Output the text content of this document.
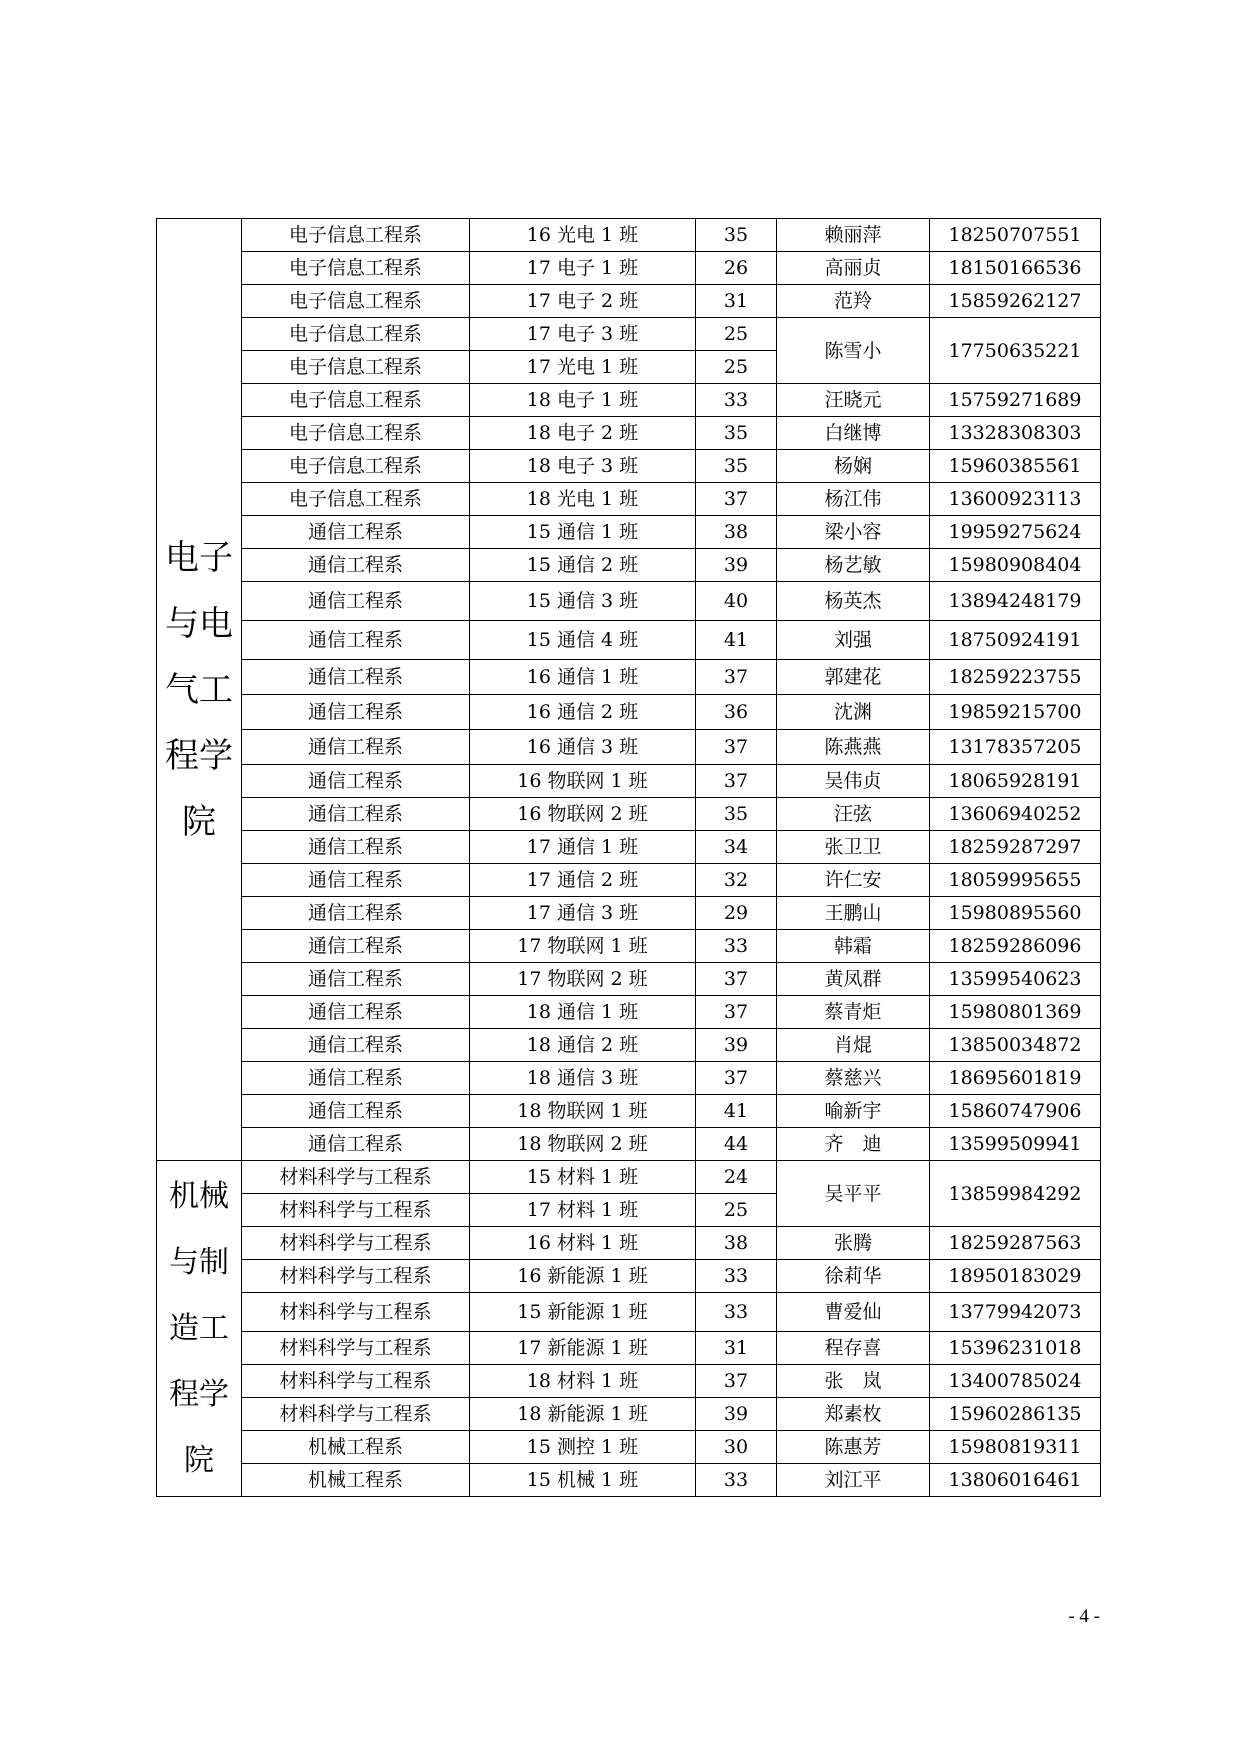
电子与电气工程学院	电子信息工程系	16 光电 1 班	35	赖丽萍	18250707551
	电子信息工程系	17 电子 1 班	26	高丽贞	18150166536
	电子信息工程系	17 电子 2 班	31	范羚	15859262127
	电子信息工程系	17 电子 3 班	25	陈雪小	17750635221
	电子信息工程系	17 光电 1 班	25		
	电子信息工程系	18 电子 1 班	33	汪晓元	15759271689
	电子信息工程系	18 电子 2 班	35	白继博	13328308303
	电子信息工程系	18 电子 3 班	35	杨娴	15960385561
	电子信息工程系	18 光电 1 班	37	杨江伟	13600923113
	通信工程系	15 通信 1 班	38	梁小容	19959275624
	通信工程系	15 通信 2 班	39	杨艺敏	15980908404
	通信工程系	15 通信 3 班	40	杨英杰	13894248179
	通信工程系	15 通信 4 班	41	刘强	18750924191
	通信工程系	16 通信 1 班	37	郭建花	18259223755
	通信工程系	16 通信 2 班	36	沈渊	19859215700
	通信工程系	16 通信 3 班	37	陈燕燕	13178357205
	通信工程系	16 物联网 1 班	37	吴伟贞	18065928191
	通信工程系	16 物联网 2 班	35	汪弦	13606940252
	通信工程系	17 通信 1 班	34	张卫卫	18259287297
	通信工程系	17 通信 2 班	32	许仁安	18059995655
	通信工程系	17 通信 3 班	29	王鹏山	15980895560
	通信工程系	17 物联网 1 班	33	韩霜	18259286096
	通信工程系	17 物联网 2 班	37	黄凤群	13599540623
	通信工程系	18 通信 1 班	37	蔡青炬	15980801369
	通信工程系	18 通信 2 班	39	肖焜	13850034872
	通信工程系	18 通信 3 班	37	蔡慈兴	18695601819
	通信工程系	18 物联网 1 班	41	喻新宇	15860747906
	通信工程系	18 物联网 2 班	44	齐　迪	13599509941
机械与制造工程学院	材料科学与工程系	15 材料 1 班	24	吴平平	13859984292
	材料科学与工程系	17 材料 1 班	25		
	材料科学与工程系	16 材料 1 班	38	张腾	18259287563
	材料科学与工程系	16 新能源 1 班	33	徐莉华	18950183029
	材料科学与工程系	15 新能源 1 班	33	曹爱仙	13779942073
	材料科学与工程系	17 新能源 1 班	31	程存喜	15396231018
	材料科学与工程系	18 材料 1 班	37	张　岚	13400785024
	材料科学与工程系	18 新能源 1 班	39	郑素枚	15960286135
	机械工程系	15 测控 1 班	30	陈惠芳	15980819311
	机械工程系	15 机械 1 班	33	刘江平	13806016461
- 4 -
